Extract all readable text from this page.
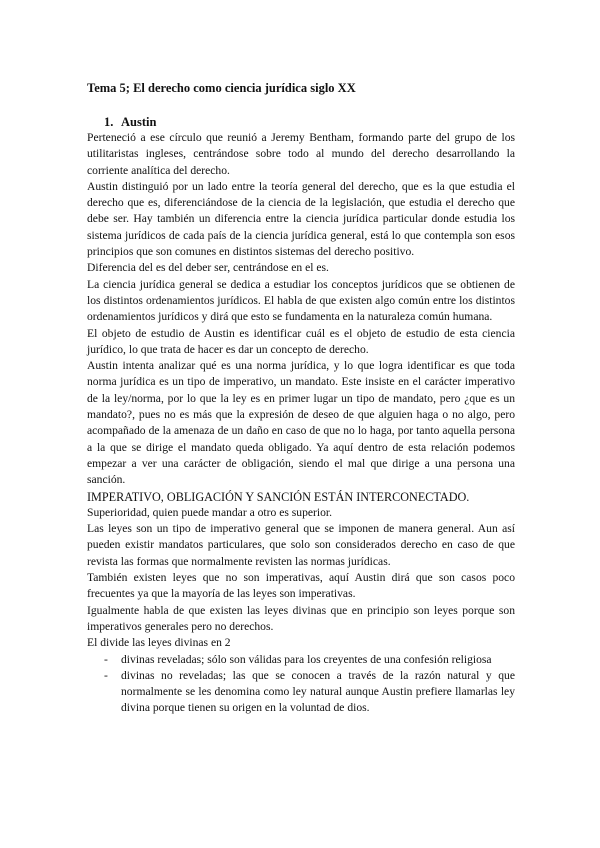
Tema 5; El derecho como ciencia jurídica siglo XX
1. Austin

Perteneció a ese círculo que reunió a Jeremy Bentham, formando parte del grupo de los utilitaristas ingleses, centrándose sobre todo al mundo del derecho desarrollando la corriente analítica del derecho.

Austin distinguió por un lado entre la teoría general del derecho, que es la que estudia el derecho que es, diferenciándose de la ciencia de la legislación, que estudia el derecho que debe ser. Hay también un diferencia entre la ciencia jurídica particular donde estudia los sistema jurídicos de cada país de la ciencia jurídica general, está lo que contempla son esos principios que son comunes en distintos sistemas del derecho positivo.

Diferencia del es del deber ser, centrándose en el es.

La ciencia jurídica general se dedica a estudiar los conceptos jurídicos que se obtienen de los distintos ordenamientos jurídicos. El habla de que existen algo común entre los distintos ordenamientos jurídicos y dirá que esto se fundamenta en la naturaleza común humana.

El objeto de estudio de Austin es identificar cuál es el objeto de estudio de esta ciencia jurídico, lo que trata de hacer es dar un concepto de derecho.

Austin intenta analizar qué es una norma jurídica, y lo que logra identificar es que toda norma jurídica es un tipo de imperativo, un mandato. Este insiste en el carácter imperativo de la ley/norma, por lo que la ley es en primer lugar un tipo de mandato, pero ¿que es un mandato?, pues no es más que la expresión de deseo de que alguien haga o no algo, pero acompañado de la amenaza de un daño en caso de que no lo haga, por tanto aquella persona a la que se dirige el mandato queda obligado. Ya aquí dentro de esta relación podemos empezar a ver una carácter de obligación, siendo el mal que dirige a una persona una sanción.

IMPERATIVO, OBLIGACIÓN Y SANCIÓN ESTÁN INTERCONECTADO.

Superioridad, quien puede mandar a otro es superior.

Las leyes son un tipo de imperativo general que se imponen de manera general. Aun así pueden existir mandatos particulares, que solo son considerados derecho en caso de que revista las formas que normalmente revisten las normas jurídicas.

También existen leyes que no son imperativas, aquí Austin dirá que son casos poco frecuentes ya que la mayoría de las leyes son imperativas.

Igualmente habla de que existen las leyes divinas que en principio son leyes porque son imperativos generales pero no derechos.

El divide las leyes divinas en 2

- divinas reveladas; sólo son válidas para los creyentes de una confesión religiosa
- divinas no reveladas; las que se conocen a través de la razón natural y que normalmente se les denomina como ley natural aunque Austin prefiere llamarlas ley divina porque tienen su origen en la voluntad de dios.
